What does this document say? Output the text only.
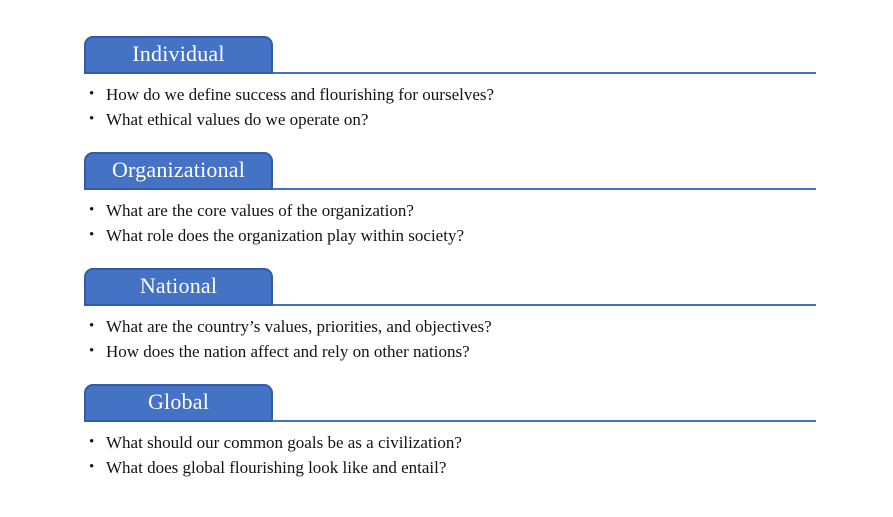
Individual
•
How do we define success and flourishing for ourselves?
•
What ethical values do we operate on?
Organizational
•
What are the core values of the organization?
•
What role does the organization play within society?
National
•
What are the country’s values, priorities, and objectives?
•
How does the nation affect and rely on other nations?
Global
•
What should our common goals be as a civilization?
•
What does global flourishing look like and entail?
